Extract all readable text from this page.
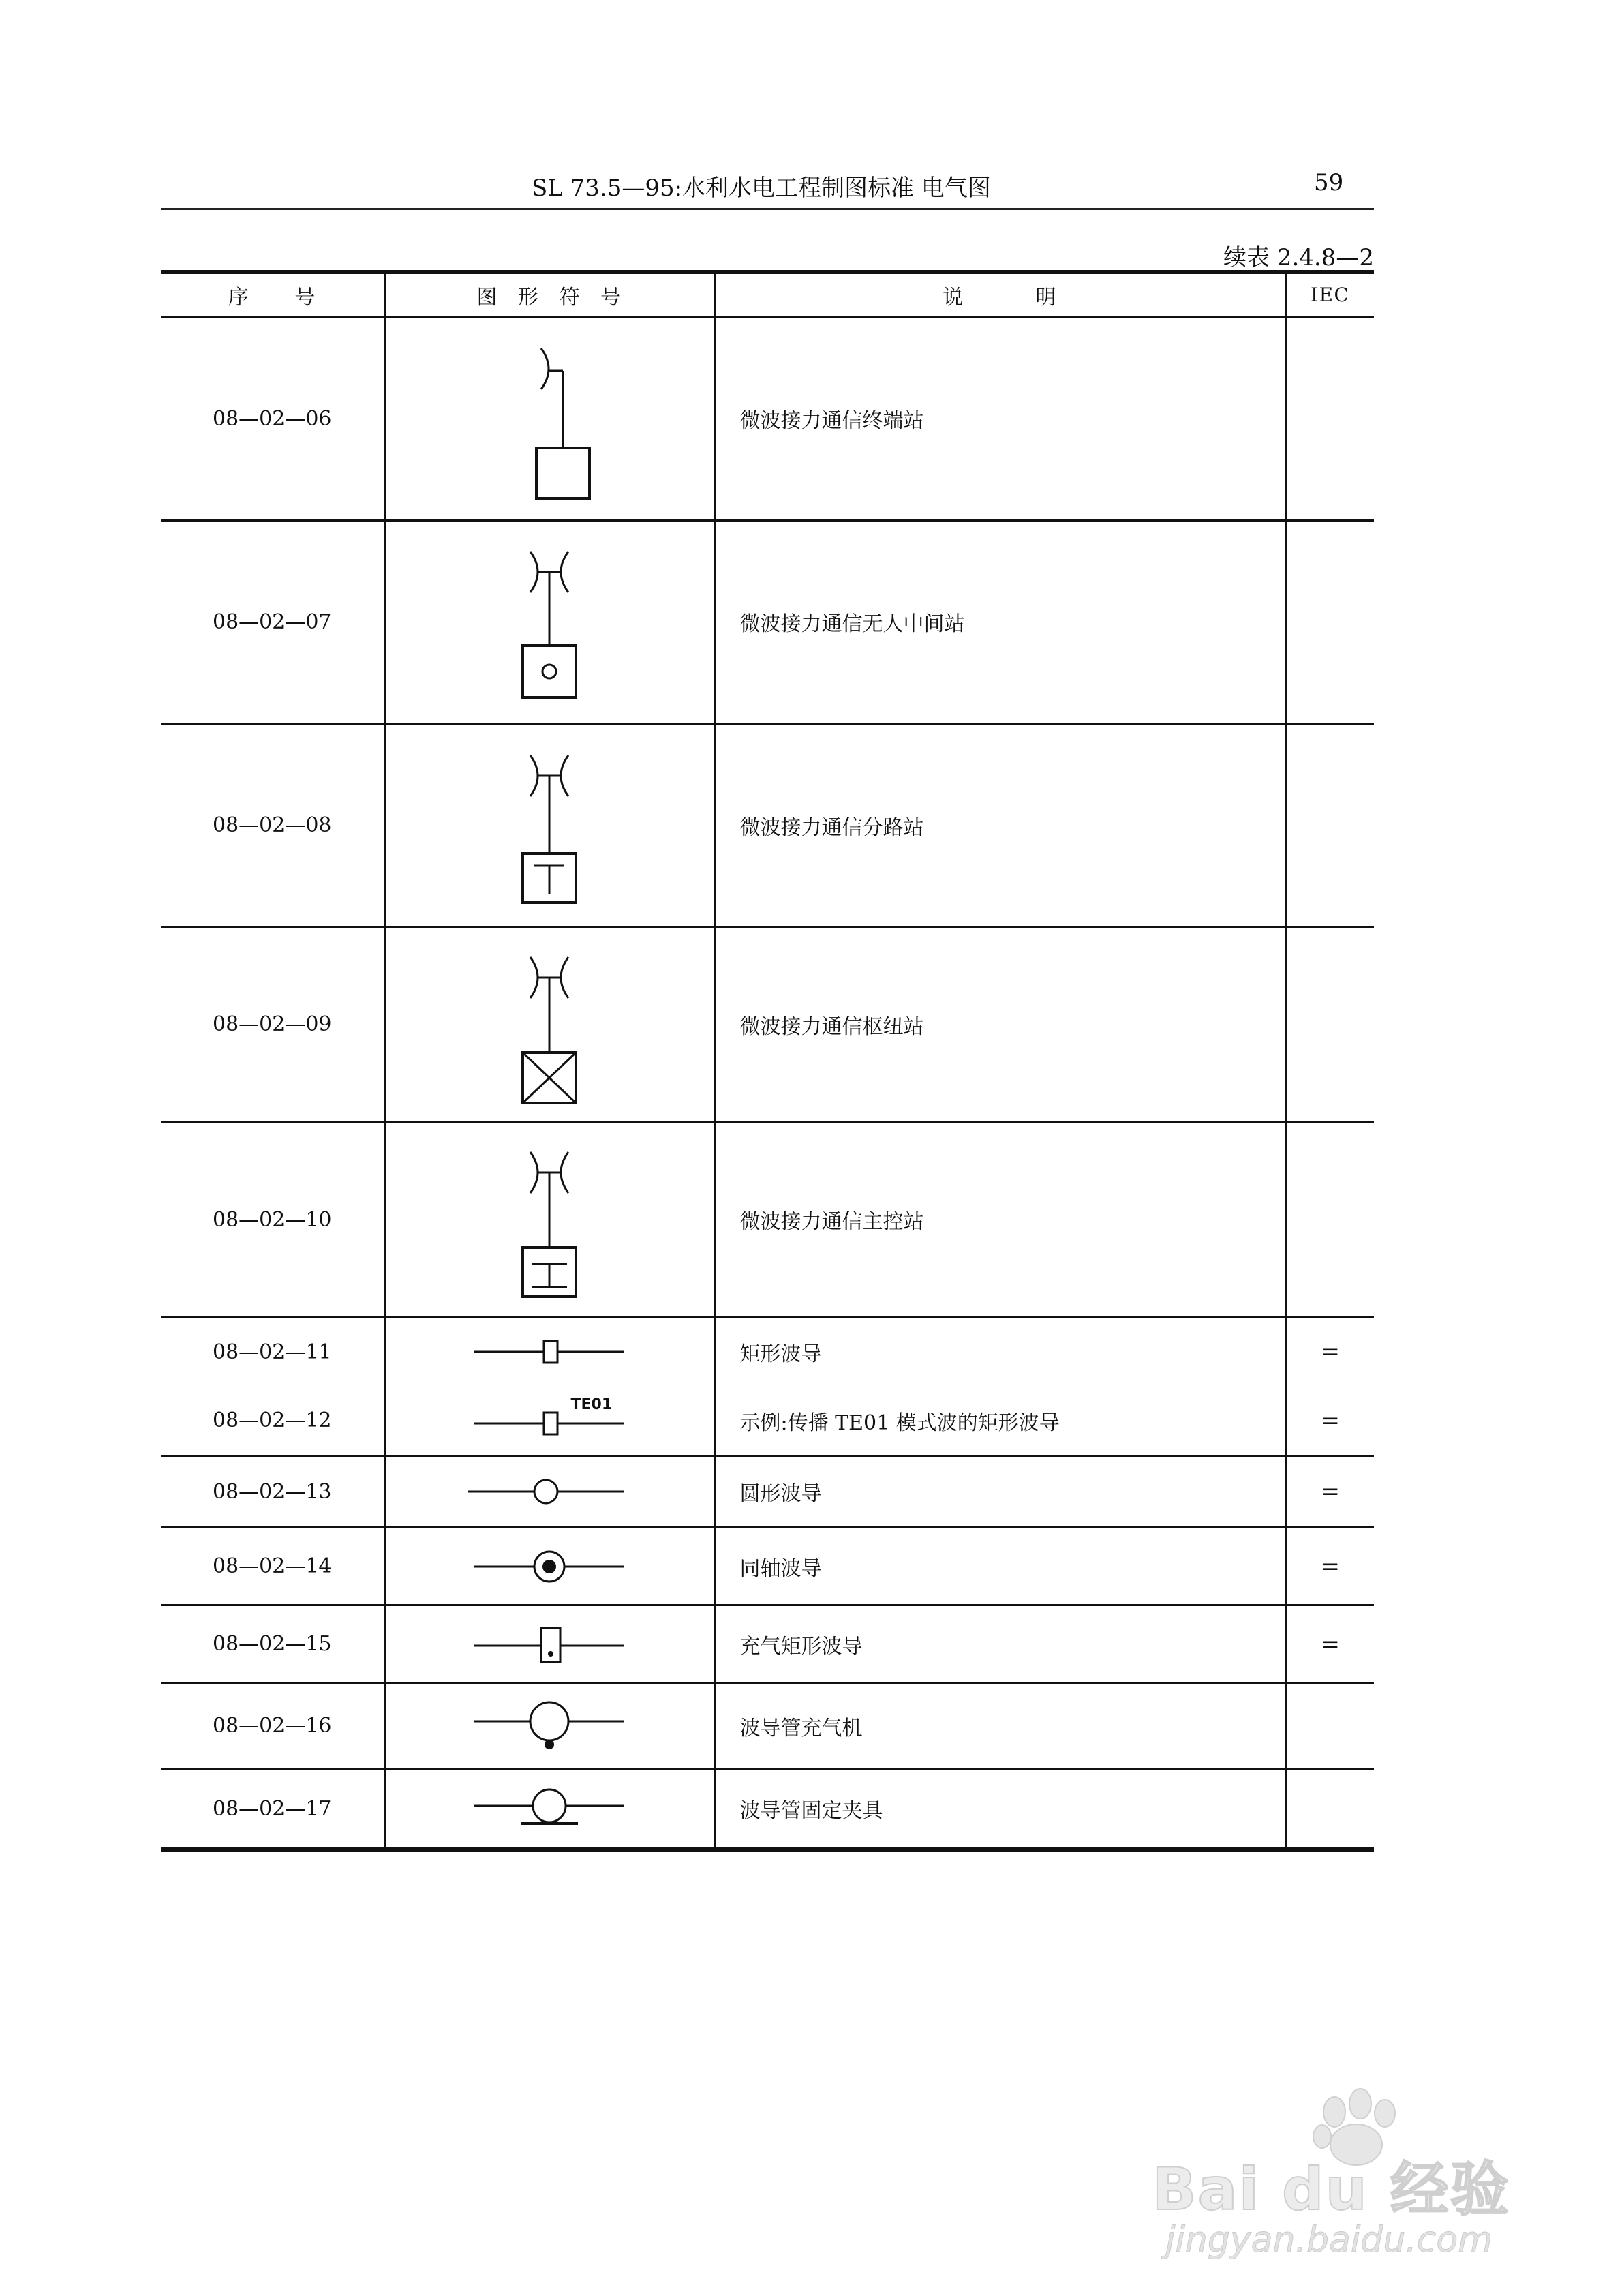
SL 73.5—95:水利水电工程制图标准 电气图	59
续表 2.4.8—2
序 号	图 形 符 号	说 明	IEC
08—02—06		微波接力通信终端站	
08—02—07		微波接力通信无人中间站	
08—02—08		微波接力通信分路站	
08—02—09		微波接力通信枢纽站	
08—02—10		微波接力通信主控站	
08—02—11		矩形波导	=
08—02—12	TE01	示例:传播 TE01 模式波的矩形波导	=
08—02—13		圆形波导	=
08—02—14		同轴波导	=
08—02—15		充气矩形波导	=
08—02—16		波导管充气机	
08—02—17		波导管固定夹具	
Bai du 经验
jingyan.baidu.com
